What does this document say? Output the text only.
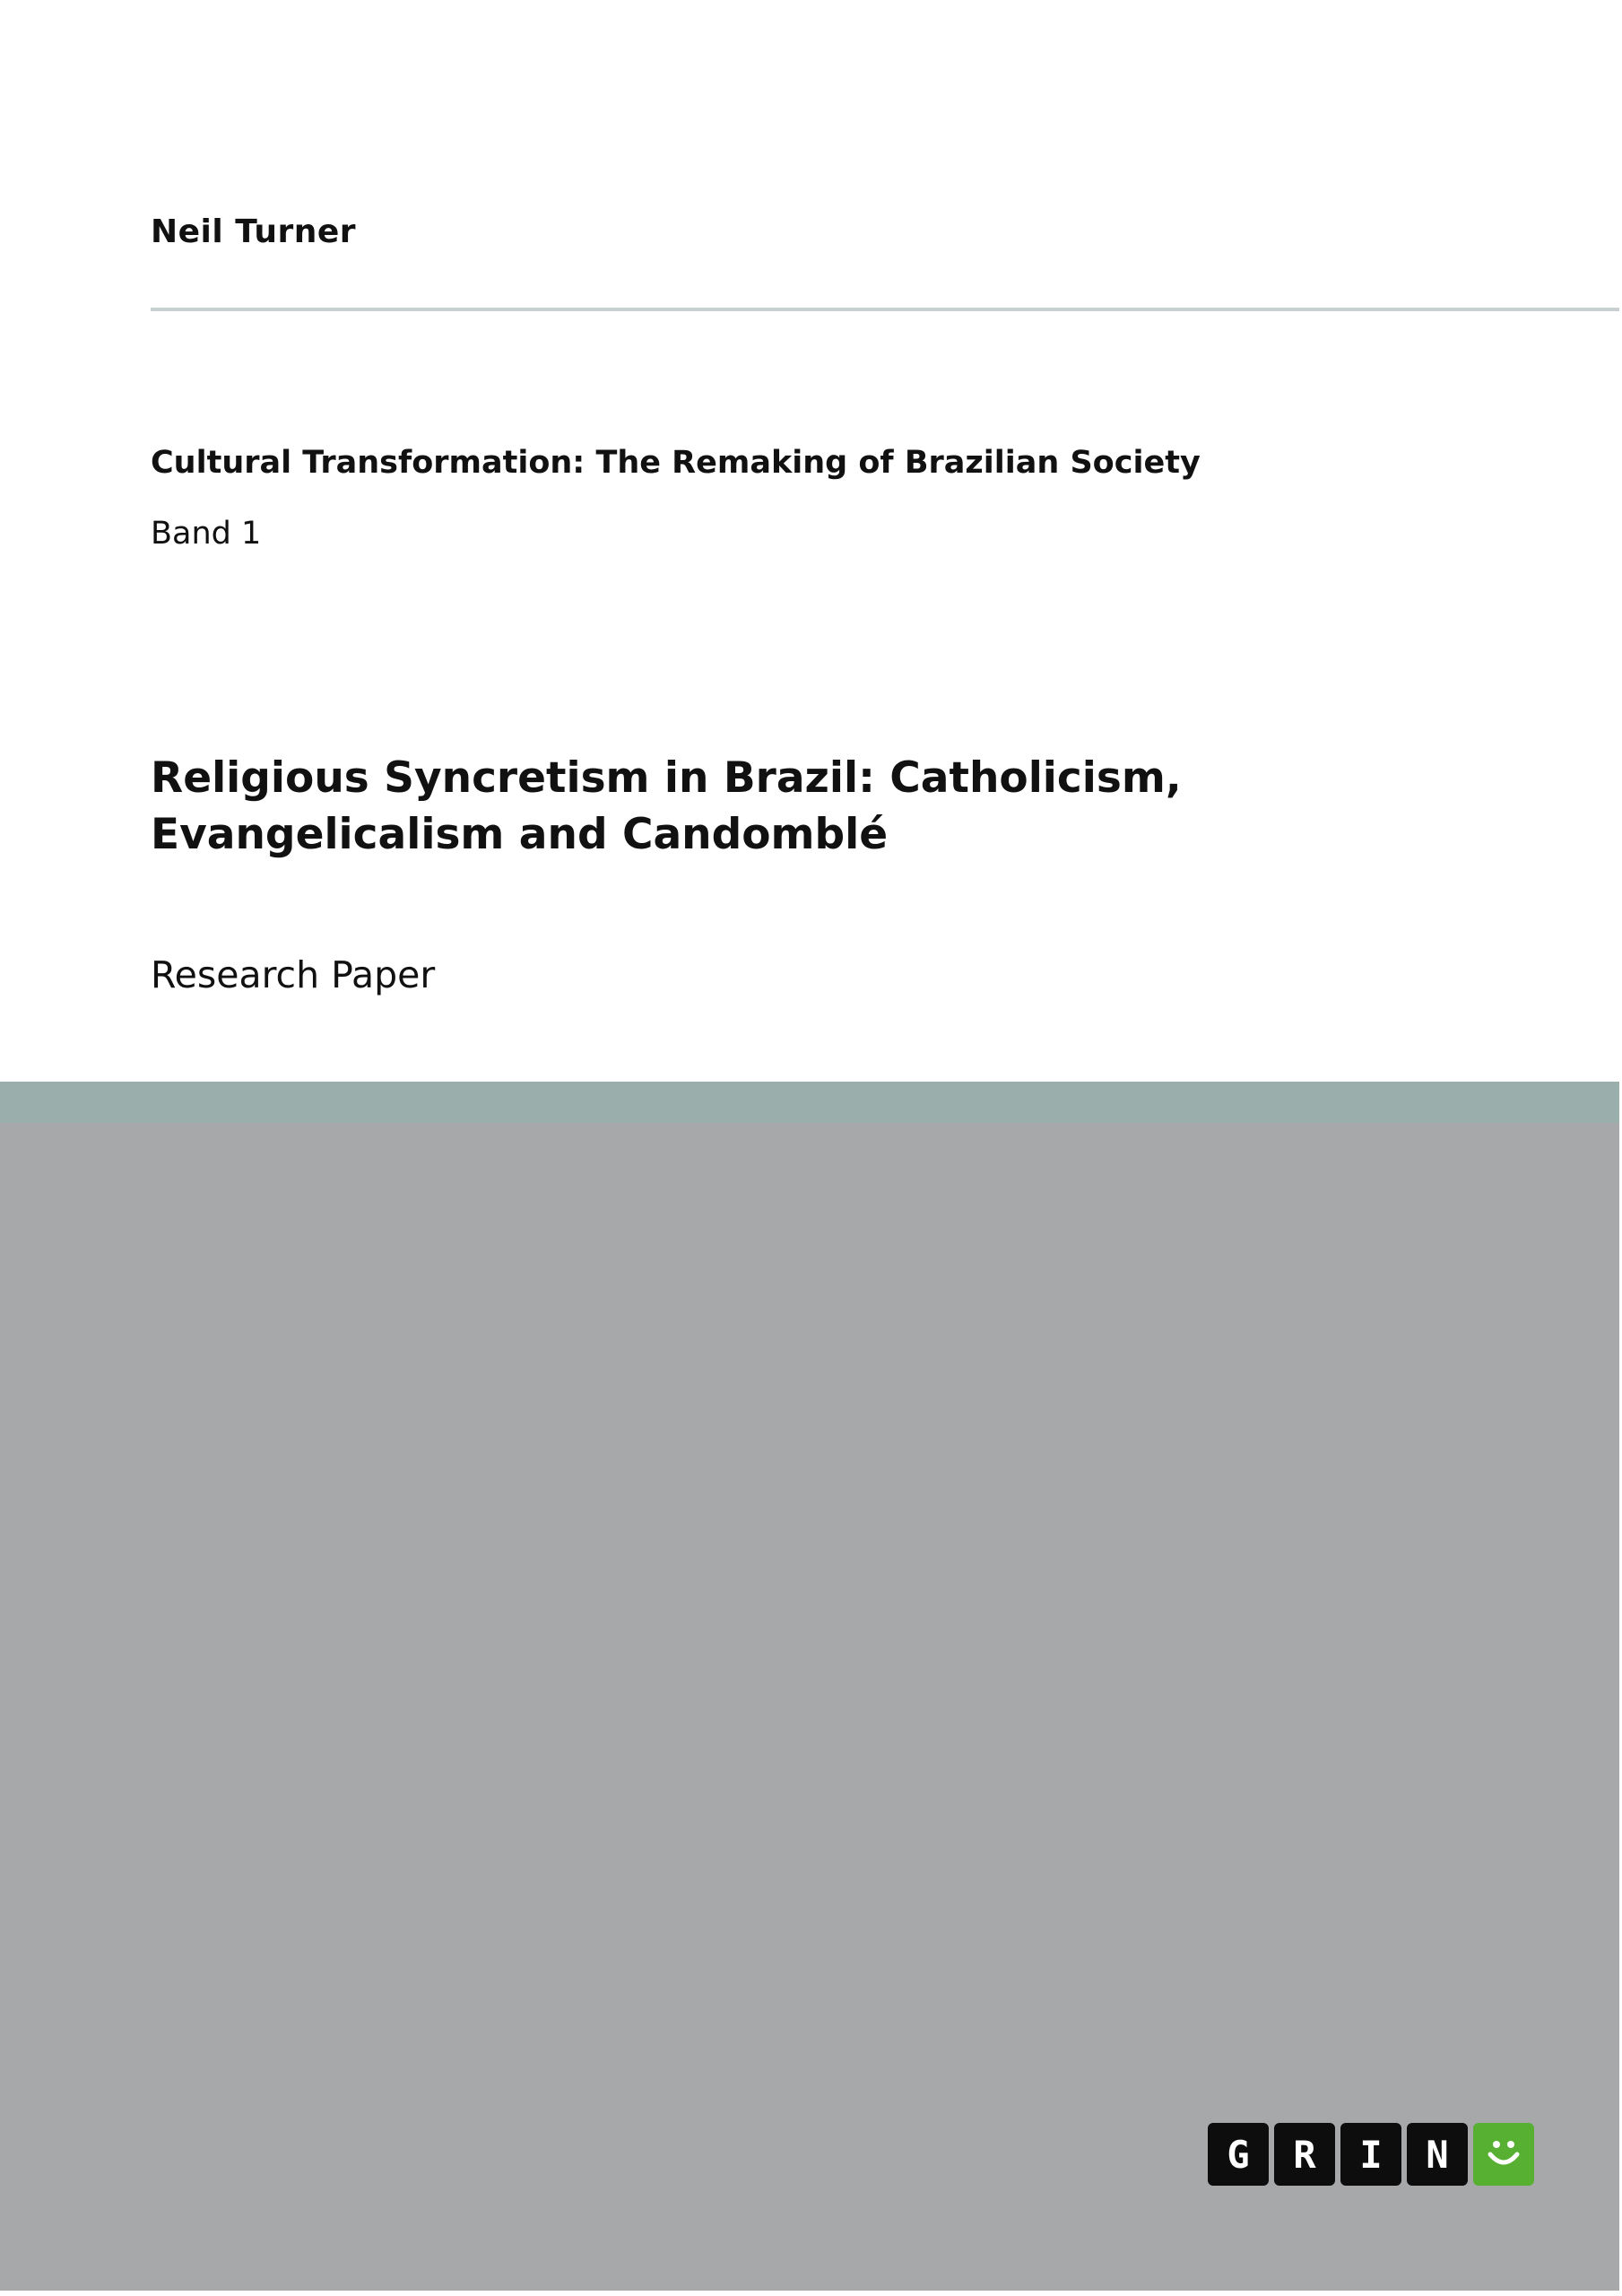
Neil Turner
Cultural Transformation: The Remaking of Brazilian Society
Band 1
Religious Syncretism in Brazil: Catholicism, Evangelicalism and Candomblé
Research Paper
G	R	I	N
